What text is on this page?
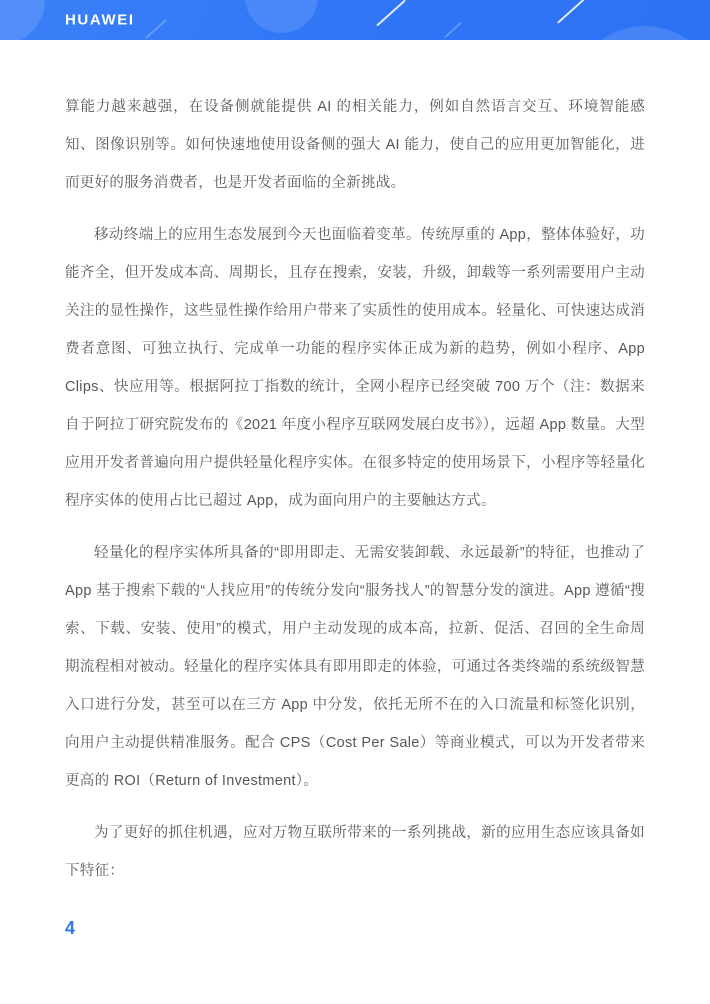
HUAWEI

算能力越来越强，在设备侧就能提供 AI 的相关能力，例如自然语言交互、环境智能感知、图像识别等。如何快速地使用设备侧的强大 AI 能力，使自己的应用更加智能化，进而更好的服务消费者，也是开发者面临的全新挑战。

移动终端上的应用生态发展到今天也面临着变革。传统厚重的 App，整体体验好，功能齐全，但开发成本高、周期长，且存在搜索，安装，升级，卸载等一系列需要用户主动关注的显性操作，这些显性操作给用户带来了实质性的使用成本。轻量化、可快速达成消费者意图、可独立执行、完成单一功能的程序实体正成为新的趋势，例如小程序、App Clips、快应用等。根据阿拉丁指数的统计，全网小程序已经突破 700 万个（注：数据来自于阿拉丁研究院发布的《2021 年度小程序互联网发展白皮书》），远超 App 数量。大型应用开发者普遍向用户提供轻量化程序实体。在很多特定的使用场景下，小程序等轻量化程序实体的使用占比已超过 App，成为面向用户的主要触达方式。

轻量化的程序实体所具备的“即用即走、无需安装卸载、永远最新”的特征，也推动了 App 基于搜索下载的“人找应用”的传统分发向“服务找人”的智慧分发的演进。App 遵循“搜索、下载、安装、使用”的模式，用户主动发现的成本高，拉新、促活、召回的全生命周期流程相对被动。轻量化的程序实体具有即用即走的体验，可通过各类终端的系统级智慧入口进行分发，甚至可以在三方 App 中分发，依托无所不在的入口流量和标签化识别，向用户主动提供精准服务。配合 CPS（Cost Per Sale）等商业模式，可以为开发者带来更高的 ROI（Return of Investment）。

为了更好的抓住机遇，应对万物互联所带来的一系列挑战，新的应用生态应该具备如下特征：

4
